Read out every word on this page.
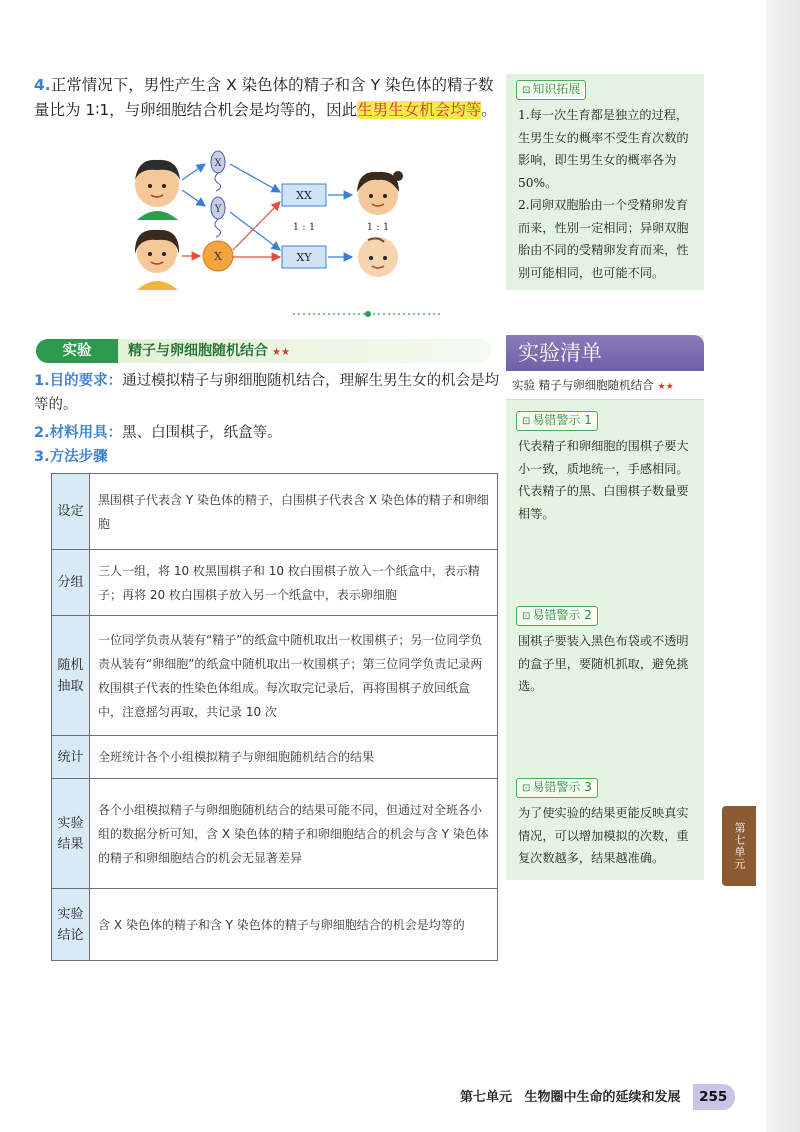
4.正常情况下，男性产生含 X 染色体的精子和含 Y 染色体的精子数量比为 1∶1，与卵细胞结合机会是均等的，因此生男生女机会均等。
X
Y
X
XX
XY
1 : 1	1 : 1
⊡ 知识拓展

1.每一次生育都是独立的过程，生男生女的概率不受生育次数的影响，即生男生女的概率各为 50%。

2.同卵双胞胎由一个受精卵发育而来，性别一定相同；异卵双胞胎由不同的受精卵发育而来，性别可能相同，也可能不同。

实验	精子与卵细胞随机结合 ★★
1.目的要求：通过模拟精子与卵细胞随机结合，理解生男生女的机会是均等的。
2.材料用具：黑、白围棋子，纸盒等。
3.方法步骤
设定	黑围棋子代表含 Y 染色体的精子，白围棋子代表含 X 染色体的精子和卵细胞
分组	三人一组，将 10 枚黑围棋子和 10 枚白围棋子放入一个纸盒中，表示精子；再将 20 枚白围棋子放入另一个纸盒中，表示卵细胞
随机抽取	一位同学负责从装有“精子”的纸盒中随机取出一枚围棋子；另一位同学负责从装有“卵细胞”的纸盒中随机取出一枚围棋子；第三位同学负责记录两枚围棋子代表的性染色体组成。每次取完记录后，再将围棋子放回纸盒中，注意摇匀再取，共记录 10 次
统计	全班统计各个小组模拟精子与卵细胞随机结合的结果
实验结果	各个小组模拟精子与卵细胞随机结合的结果可能不同，但通过对全班各小组的数据分析可知，含 X 染色体的精子和卵细胞结合的机会与含 Y 染色体的精子和卵细胞结合的机会无显著差异
实验结论	含 X 染色体的精子和含 Y 染色体的精子与卵细胞结合的机会是均等的
实验清单
实验 精子与卵细胞随机结合 ★★
⊡ 易错警示 1

代表精子和卵细胞的围棋子要大小一致，质地统一，手感相同。代表精子的黑、白围棋子数量要相等。

⊡ 易错警示 2

围棋子要装入黑色布袋或不透明的盒子里，要随机抓取，避免挑选。

⊡ 易错警示 3

为了使实验的结果更能反映真实情况，可以增加模拟的次数，重复次数越多，结果越准确。	第七单元
第七单元 生物圈中生命的延续和发展 255
